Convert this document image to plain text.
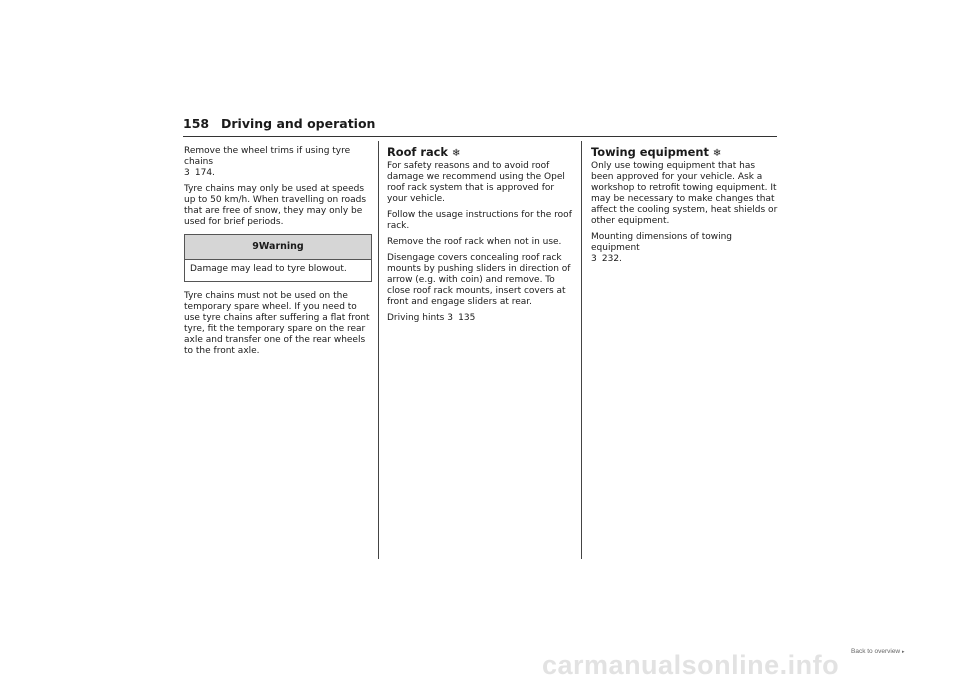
158 Driving and operation

Remove the wheel trims if using tyre chains
3 174.

Tyre chains may only be used at speeds up to 50 km/h. When travelling on roads that are free of snow, they may only be used for brief periods.

9Warning
Damage may lead to tyre blowout.

Tyre chains must not be used on the temporary spare wheel. If you need to use tyre chains after suffering a flat front tyre, fit the temporary spare on the rear axle and transfer one of the rear wheels to the front axle.

Roof rack ❄

For safety reasons and to avoid roof damage we recommend using the Opel roof rack system that is approved for your vehicle.

Follow the usage instructions for the roof rack.

Remove the roof rack when not in use.

Disengage covers concealing roof rack mounts by pushing sliders in direction of arrow (e.g. with coin) and remove. To close roof rack mounts, insert covers at front and engage sliders at rear.

Driving hints 3 135

Towing equipment ❄

Only use towing equipment that has been approved for your vehicle. Ask a workshop to retrofit towing equipment. It may be necessary to make changes that affect the cooling system, heat shields or other equipment.

Mounting dimensions of towing equipment
3 232.

Back to overview ▸
carmanualsonline.info
